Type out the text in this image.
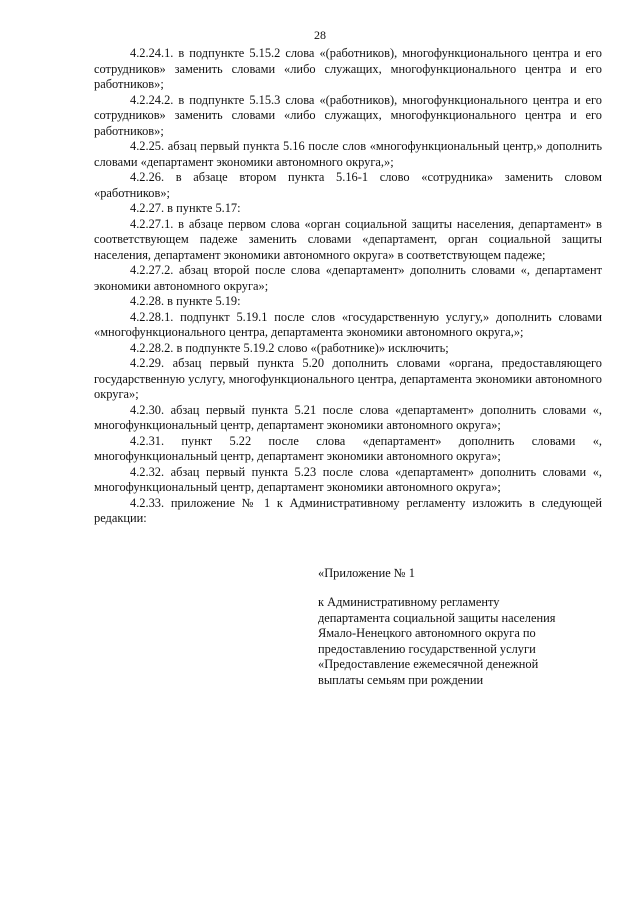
28

4.2.24.1. в подпункте 5.15.2 слова «(работников), многофункционального центра и его сотрудников» заменить словами «либо служащих, многофункционального центра и его работников»;

4.2.24.2. в подпункте 5.15.3 слова «(работников), многофункционального центра и его сотрудников» заменить словами «либо служащих, многофункционального центра и его работников»;

4.2.25. абзац первый пункта 5.16 после слов «многофункциональный центр,» дополнить словами «департамент экономики автономного округа,»;

4.2.26. в абзаце втором пункта 5.16-1 слово «сотрудника» заменить словом «работников»;

4.2.27. в пункте 5.17:

4.2.27.1. в абзаце первом слова «орган социальной защиты населения, департамент» в соответствующем падеже заменить словами «департамент, орган социальной защиты населения, департамент экономики автономного округа» в соответствующем падеже;

4.2.27.2. абзац второй после слова «департамент» дополнить словами «, департамент экономики автономного округа»;

4.2.28. в пункте 5.19:

4.2.28.1. подпункт 5.19.1 после слов «государственную услугу,» дополнить словами «многофункционального центра, департамента экономики автономного округа,»;

4.2.28.2. в подпункте 5.19.2 слово «(работнике)» исключить;

4.2.29. абзац первый пункта 5.20 дополнить словами «органа, предоставляющего государственную услугу, многофункционального центра, департамента экономики автономного округа»;

4.2.30. абзац первый пункта 5.21 после слова «департамент» дополнить словами «, многофункциональный центр, департамент экономики автономного округа»;

4.2.31. пункт 5.22 после слова «департамент» дополнить словами «, многофункциональный центр, департамент экономики автономного округа»;

4.2.32. абзац первый пункта 5.23 после слова «департамент» дополнить словами «, многофункциональный центр, департамент экономики автономного округа»;

4.2.33. приложение № 1 к Административному регламенту изложить в следующей редакции:

«Приложение № 1
к Административному регламенту
департамента социальной защиты населения
Ямало-Ненецкого автономного округа по
предоставлению государственной услуги
«Предоставление ежемесячной денежной
выплаты семьям при рождении
